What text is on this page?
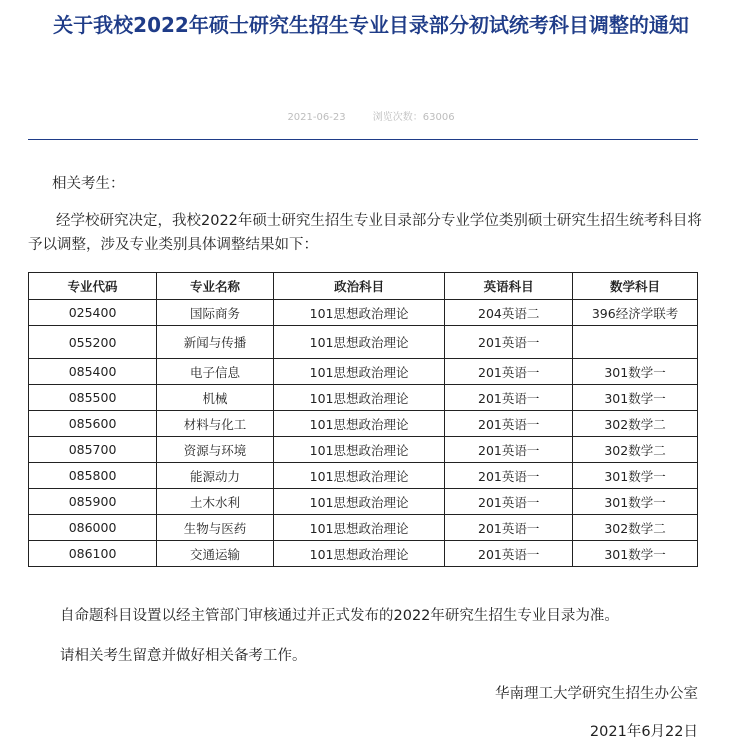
关于我校2022年硕士研究生招生专业目录部分初试统考科目调整的通知
2021-06-23	浏览次数：63006

相关考生：

经学校研究决定，我校2022年硕士研究生招生专业目录部分专业学位类别硕士研究生招生统考科目将予以调整，涉及专业类别具体调整结果如下：

专业代码	专业名称	政治科目	英语科目	数学科目
025400	国际商务	101思想政治理论	204英语二	396经济学联考
055200	新闻与传播	101思想政治理论	201英语一	
085400	电子信息	101思想政治理论	201英语一	301数学一
085500	机械	101思想政治理论	201英语一	301数学一
085600	材料与化工	101思想政治理论	201英语一	302数学二
085700	资源与环境	101思想政治理论	201英语一	302数学二
085800	能源动力	101思想政治理论	201英语一	301数学一
085900	土木水利	101思想政治理论	201英语一	301数学一
086000	生物与医药	101思想政治理论	201英语一	302数学二
086100	交通运输	101思想政治理论	201英语一	301数学一

自命题科目设置以经主管部门审核通过并正式发布的2022年研究生招生专业目录为准。

请相关考生留意并做好相关备考工作。

华南理工大学研究生招生办公室

2021年6月22日
